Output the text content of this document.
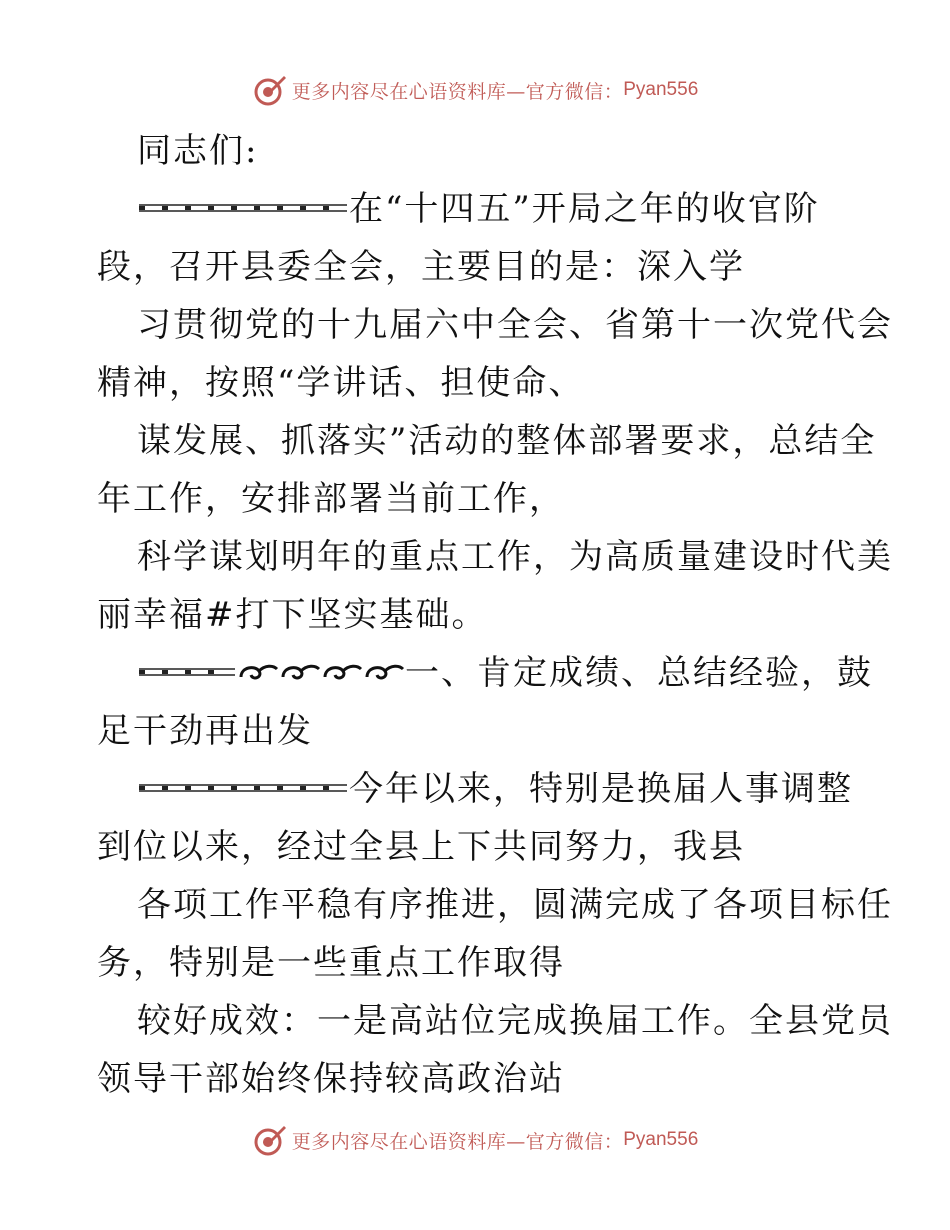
更多内容尽在心语资料库—官方微信： Pyan556
同志们:
在“十四五”开局之年的收官阶
段，召开县委全会，主要目的是：深入学
习贯彻党的十九届六中全会、省第十一次党代会
精神，按照“学讲话、担使命、
谋发展、抓落实”活动的整体部署要求，总结全
年工作，安排部署当前工作，
科学谋划明年的重点工作，为高质量建设时代美
丽幸福#打下坚实基础。
一、肯定成绩、总结经验，鼓
足干劲再出发
今年以来，特别是换届人事调整
到位以来，经过全县上下共同努力，我县
各项工作平稳有序推进，圆满完成了各项目标任
务，特别是一些重点工作取得
较好成效：一是高站位完成换届工作。全县党员
领导干部始终保持较高政治站
更多内容尽在心语资料库—官方微信： Pyan556
